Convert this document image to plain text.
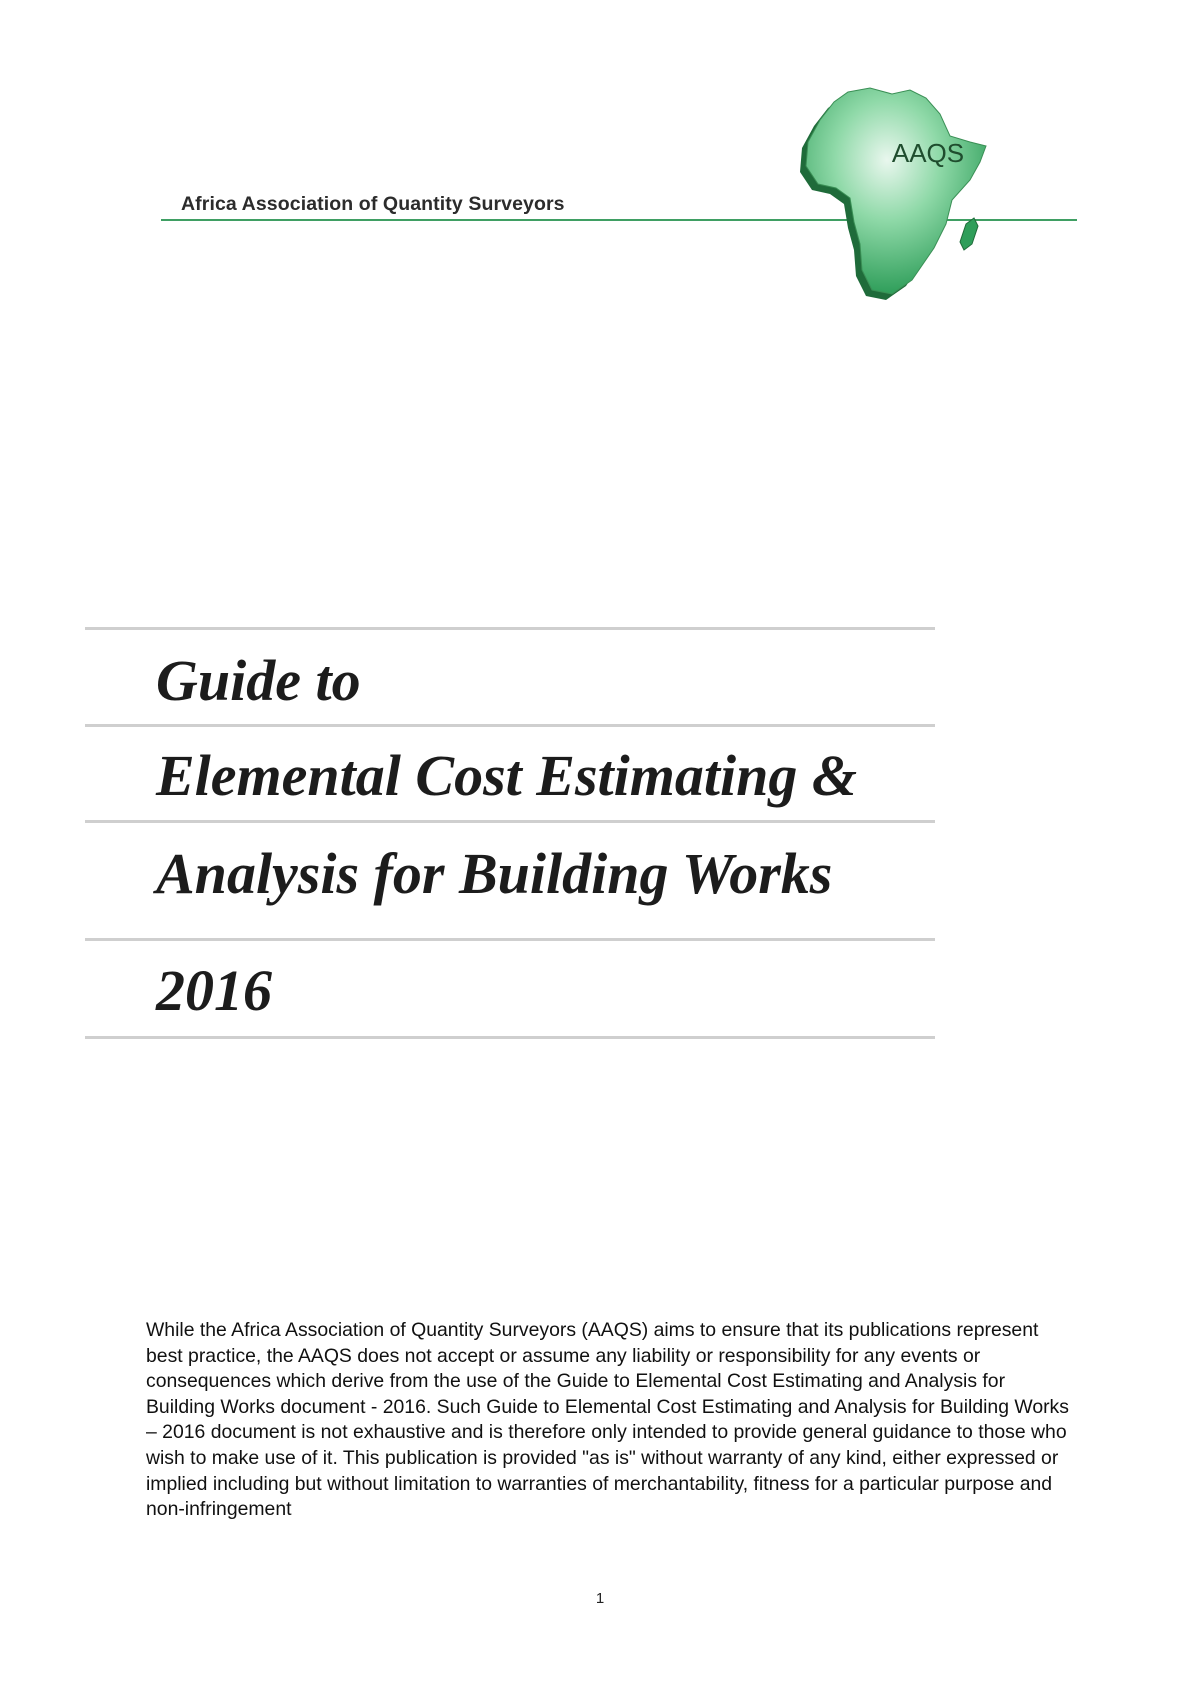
Africa Association of Quantity Surveyors
AAQS
Guide to
Elemental Cost Estimating &
Analysis for Building Works
2016
While the Africa Association of Quantity Surveyors (AAQS) aims to ensure that its publications represent best practice, the AAQS does not accept or assume any liability or responsibility for any events or consequences which derive from the use of the Guide to Elemental Cost Estimating and Analysis for Building Works document - 2016. Such Guide to Elemental Cost Estimating and Analysis for Building Works – 2016 document is not exhaustive and is therefore only intended to provide general guidance to those who wish to make use of it. This publication is provided "as is" without warranty of any kind, either expressed or implied including but without limitation to warranties of merchantability, fitness for a particular purpose and non-infringement
1
